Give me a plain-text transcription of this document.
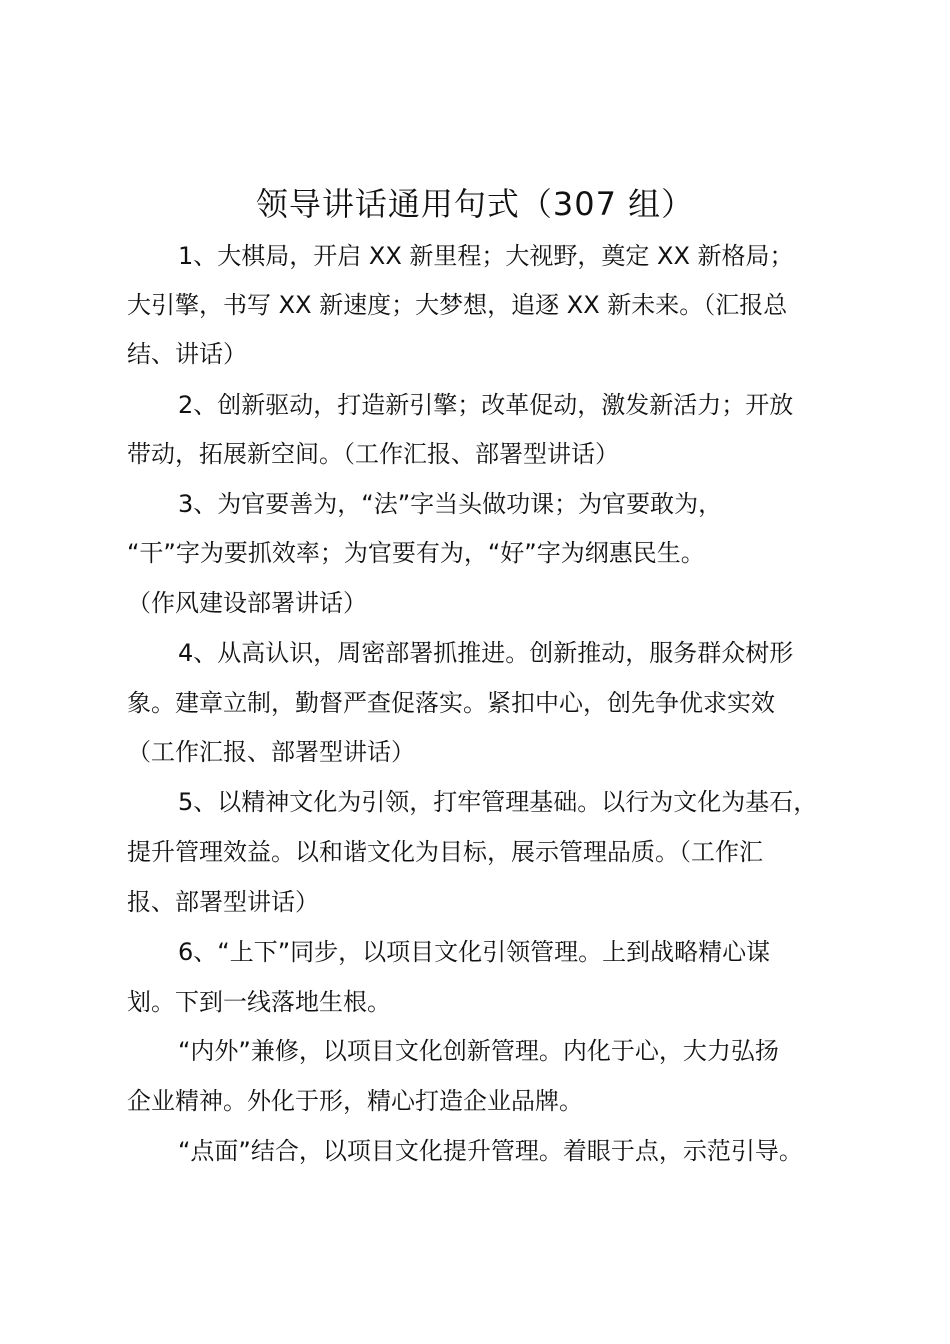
领导讲话通用句式（307 组）
1、大棋局，开启 XX 新里程；大视野，奠定 XX 新格局；
大引擎，书写 XX 新速度；大梦想，追逐 XX 新未来。（汇报总
结、讲话）
2、创新驱动，打造新引擎；改革促动，激发新活力；开放
带动，拓展新空间。（工作汇报、部署型讲话）
3、为官要善为，“法”字当头做功课；为官要敢为，
“干”字为要抓效率；为官要有为，“好”字为纲惠民生。
（作风建设部署讲话）
4、从高认识，周密部署抓推进。创新推动，服务群众树形
象。建章立制，勤督严查促落实。紧扣中心，创先争优求实效
（工作汇报、部署型讲话）
5、以精神文化为引领，打牢管理基础。以行为文化为基石，
提升管理效益。以和谐文化为目标，展示管理品质。（工作汇
报、部署型讲话）
6、“上下”同步，以项目文化引领管理。上到战略精心谋
划。下到一线落地生根。
“内外”兼修，以项目文化创新管理。内化于心，大力弘扬
企业精神。外化于形，精心打造企业品牌。
“点面”结合，以项目文化提升管理。着眼于点，示范引导。
